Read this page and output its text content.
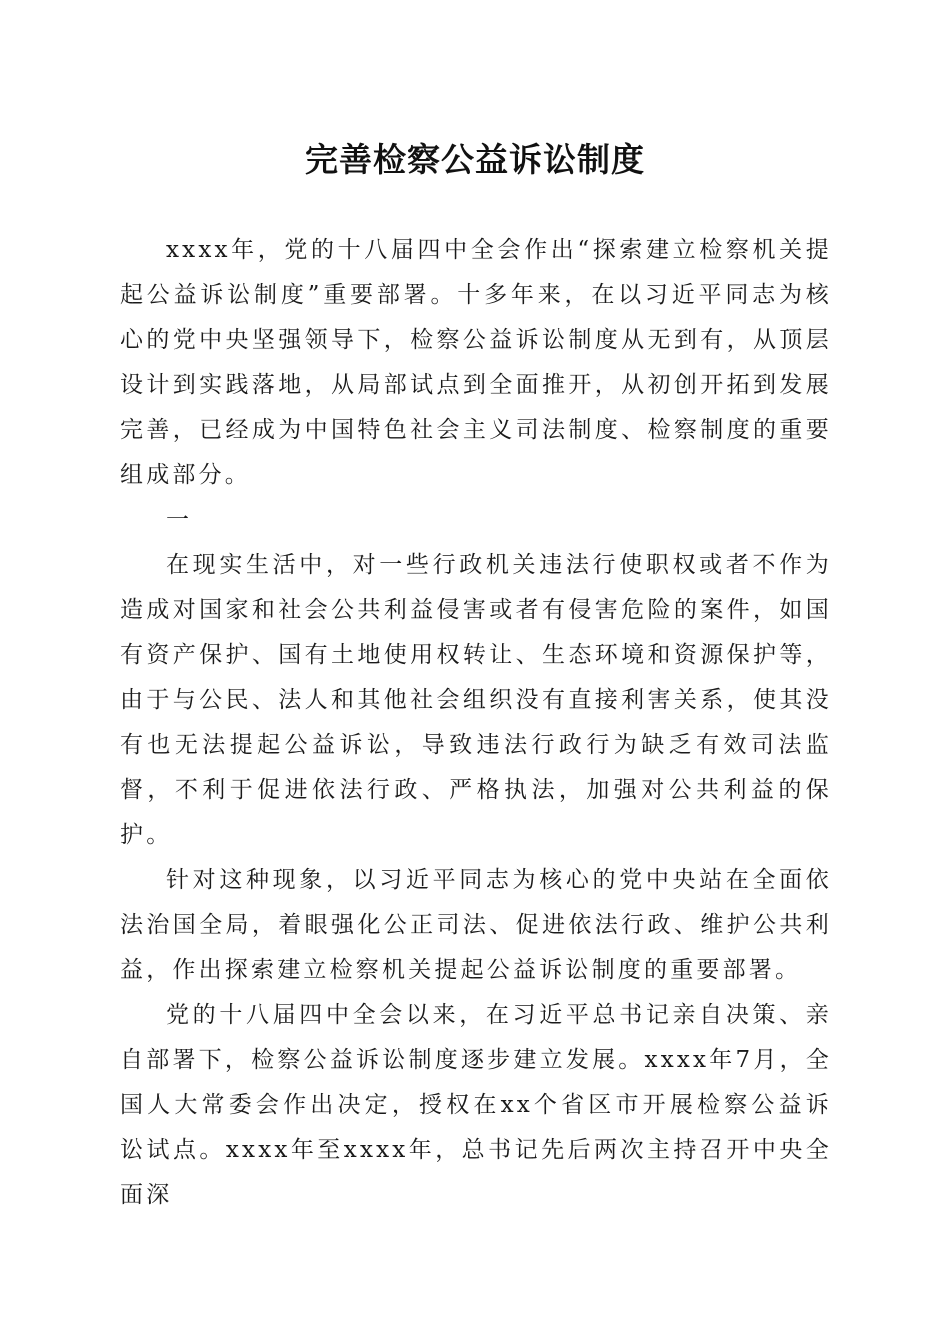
完善检察公益诉讼制度

xxxx年，党的十八届四中全会作出“探索建立检察机关提起公益诉讼制度”重要部署。十多年来，在以习近平同志为核心的党中央坚强领导下，检察公益诉讼制度从无到有，从顶层设计到实践落地，从局部试点到全面推开，从初创开拓到发展完善，已经成为中国特色社会主义司法制度、检察制度的重要组成部分。

一

在现实生活中，对一些行政机关违法行使职权或者不作为造成对国家和社会公共利益侵害或者有侵害危险的案件，如国有资产保护、国有土地使用权转让、生态环境和资源保护等，由于与公民、法人和其他社会组织没有直接利害关系，使其没有也无法提起公益诉讼，导致违法行政行为缺乏有效司法监督，不利于促进依法行政、严格执法，加强对公共利益的保护。

针对这种现象，以习近平同志为核心的党中央站在全面依法治国全局，着眼强化公正司法、促进依法行政、维护公共利益，作出探索建立检察机关提起公益诉讼制度的重要部署。

党的十八届四中全会以来，在习近平总书记亲自决策、亲自部署下，检察公益诉讼制度逐步建立发展。xxxx年7月，全国人大常委会作出决定，授权在xx个省区市开展检察公益诉讼试点。xxxx年至xxxx年，总书记先后两次主持召开中央全面深
